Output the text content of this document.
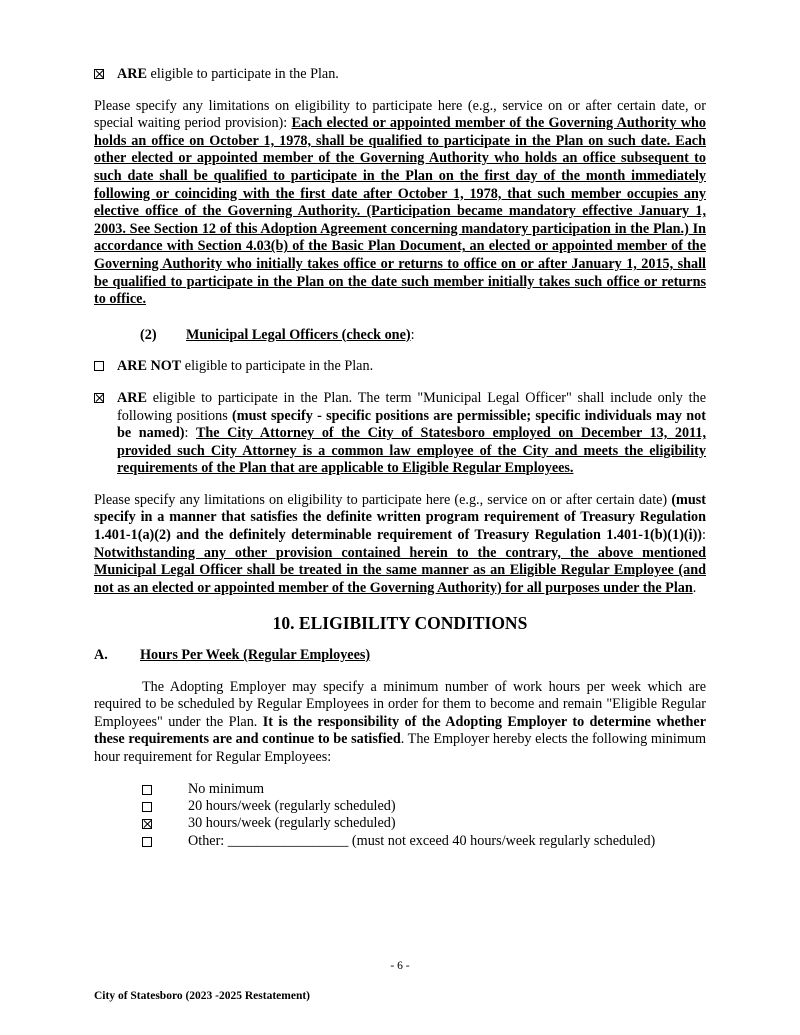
ARE eligible to participate in the Plan.

Please specify any limitations on eligibility to participate here (e.g., service on or after certain date, or special waiting period provision): Each elected or appointed member of the Governing Authority who holds an office on October 1, 1978, shall be qualified to participate in the Plan on such date. Each other elected or appointed member of the Governing Authority who holds an office subsequent to such date shall be qualified to participate in the Plan on the first day of the month immediately following or coinciding with the first date after October 1, 1978, that such member occupies any elective office of the Governing Authority. (Participation became mandatory effective January 1, 2003. See Section 12 of this Adoption Agreement concerning mandatory participation in the Plan.) In accordance with Section 4.03(b) of the Basic Plan Document, an elected or appointed member of the Governing Authority who initially takes office or returns to office on or after January 1, 2015, shall be qualified to participate in the Plan on the date such member initially takes such office or returns to office.

(2) Municipal Legal Officers (check one):

ARE NOT eligible to participate in the Plan.

ARE eligible to participate in the Plan. The term "Municipal Legal Officer" shall include only the following positions (must specify - specific positions are permissible; specific individuals may not be named): The City Attorney of the City of Statesboro employed on December 13, 2011, provided such City Attorney is a common law employee of the City and meets the eligibility requirements of the Plan that are applicable to Eligible Regular Employees.

Please specify any limitations on eligibility to participate here (e.g., service on or after certain date) (must specify in a manner that satisfies the definite written program requirement of Treasury Regulation 1.401-1(a)(2) and the definitely determinable requirement of Treasury Regulation 1.401-1(b)(1)(i)): Notwithstanding any other provision contained herein to the contrary, the above mentioned Municipal Legal Officer shall be treated in the same manner as an Eligible Regular Employee (and not as an elected or appointed member of the Governing Authority) for all purposes under the Plan.

10. ELIGIBILITY CONDITIONS
A. Hours Per Week (Regular Employees)

The Adopting Employer may specify a minimum number of work hours per week which are required to be scheduled by Regular Employees in order for them to become and remain "Eligible Regular Employees" under the Plan. It is the responsibility of the Adopting Employer to determine whether these requirements are and continue to be satisfied. The Employer hereby elects the following minimum hour requirement for Regular Employees:

No minimum
20 hours/week (regularly scheduled)
30 hours/week (regularly scheduled)
Other: _________________ (must not exceed 40 hours/week regularly scheduled)
- 6 -
City of Statesboro (2023 -2025 Restatement)
